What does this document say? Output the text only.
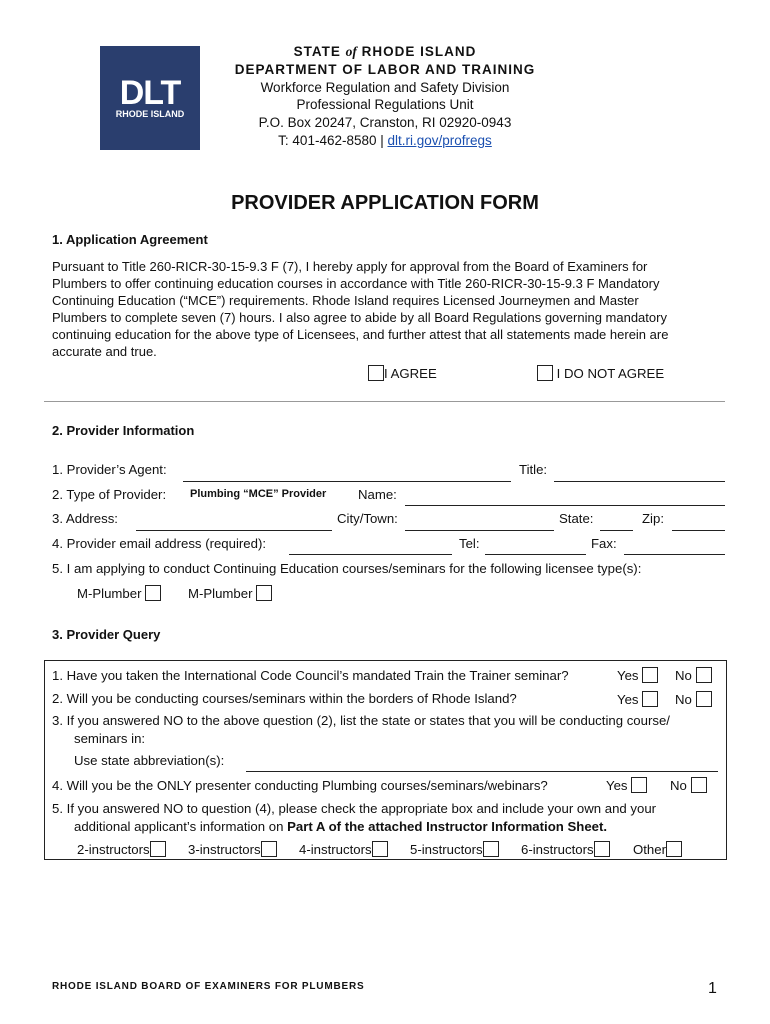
DLT
RHODE ISLAND
STATE of RHODE ISLAND
DEPARTMENT OF LABOR AND TRAINING
Workforce Regulation and Safety Division
Professional Regulations Unit
P.O. Box 20247, Cranston, RI 02920-0943
T: 401-462-8580 | dlt.ri.gov/profregs
PROVIDER APPLICATION FORM
1. Application Agreement
Pursuant to Title 260-RICR-30-15-9.3 F (7), I hereby apply for approval from the Board of Examiners for
Plumbers to offer continuing education courses in accordance with Title 260-RICR-30-15-9.3 F Mandatory
Continuing Education (“MCE”) requirements. Rhode Island requires Licensed Journeymen and Master
Plumbers to complete seven (7) hours. I also agree to abide by all Board Regulations governing mandatory
continuing education for the above type of Licensees, and further attest that all statements made herein are
accurate and true.
I AGREE	I DO NOT AGREE
2. Provider Information
1. Provider’s Agent:	Title:
2. Type of Provider: Plumbing “MCE” Provider Name:
3. Address:	City/Town:	State:	Zip:
4. Provider email address (required):	Tel:	Fax:
5. I am applying to conduct Continuing Education courses/seminars for the following licensee type(s):
M-Plumber	M-Plumber
3. Provider Query
1. Have you taken the International Code Council’s mandated Train the Trainer seminar?	Yes	No
2. Will you be conducting courses/seminars within the borders of Rhode Island?	Yes	No
3. If you answered NO to the above question (2), list the state or states that you will be conducting course/
seminars in:
Use state abbreviation(s):
4. Will you be the ONLY presenter conducting Plumbing courses/seminars/webinars?	Yes	No
5. If you answered NO to question (4), please check the appropriate box and include your own and your
additional applicant’s information on Part A of the attached Instructor Information Sheet.
2-instructors	3-instructors	4-instructors	5-instructors	6-instructors	Other
RHODE ISLAND BOARD OF EXAMINERS FOR PLUMBERS	1
